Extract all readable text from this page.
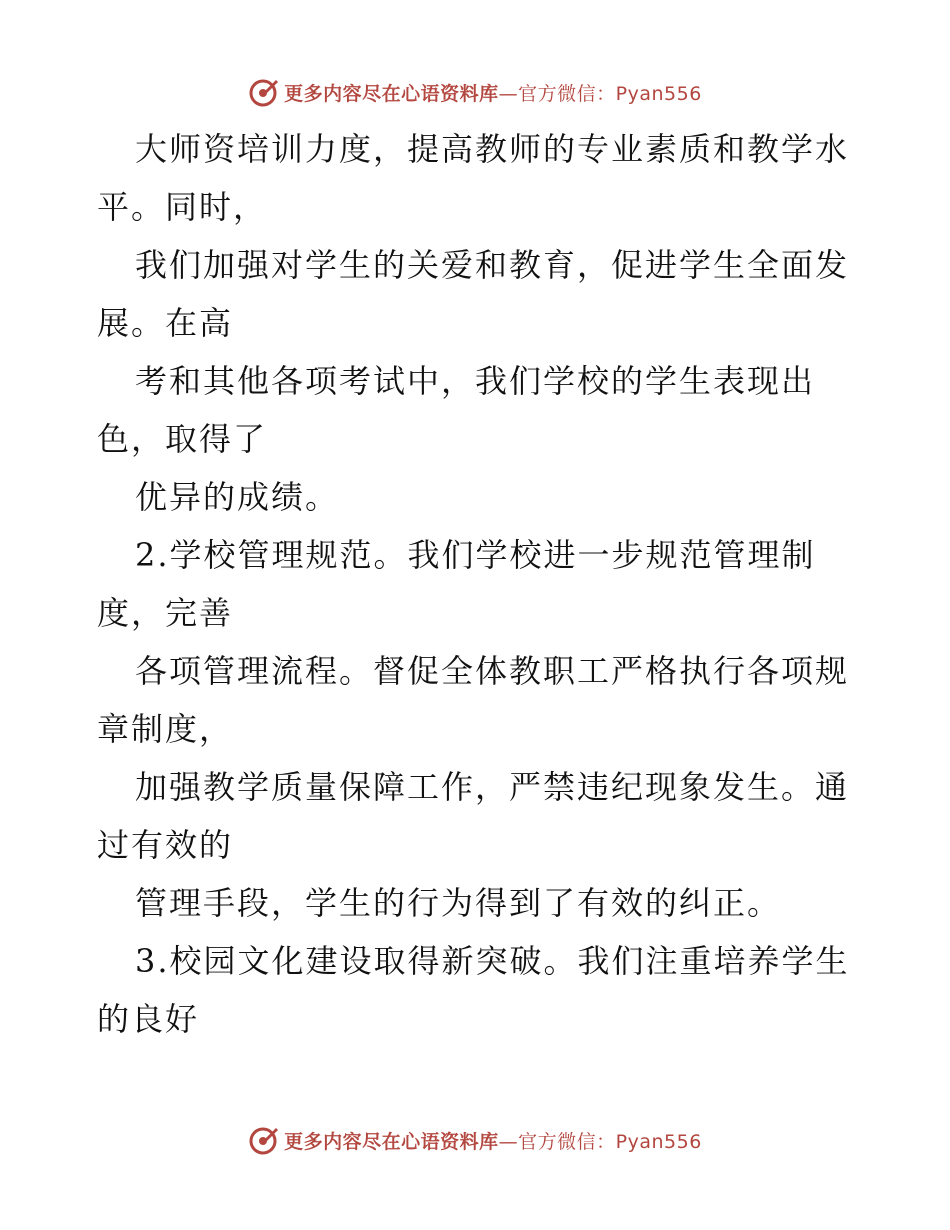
更多内容尽在心语资料库—官方微信：Pyan556
大师资培训力度，提高教师的专业素质和教学水
平。同时，
我们加强对学生的关爱和教育，促进学生全面发
展。在高
考和其他各项考试中，我们学校的学生表现出
色，取得了
优异的成绩。
2.学校管理规范。我们学校进一步规范管理制
度，完善
各项管理流程。督促全体教职工严格执行各项规
章制度，
加强教学质量保障工作，严禁违纪现象发生。通
过有效的
管理手段，学生的行为得到了有效的纠正。
3.校园文化建设取得新突破。我们注重培养学生
的良好
更多内容尽在心语资料库—官方微信：Pyan556
